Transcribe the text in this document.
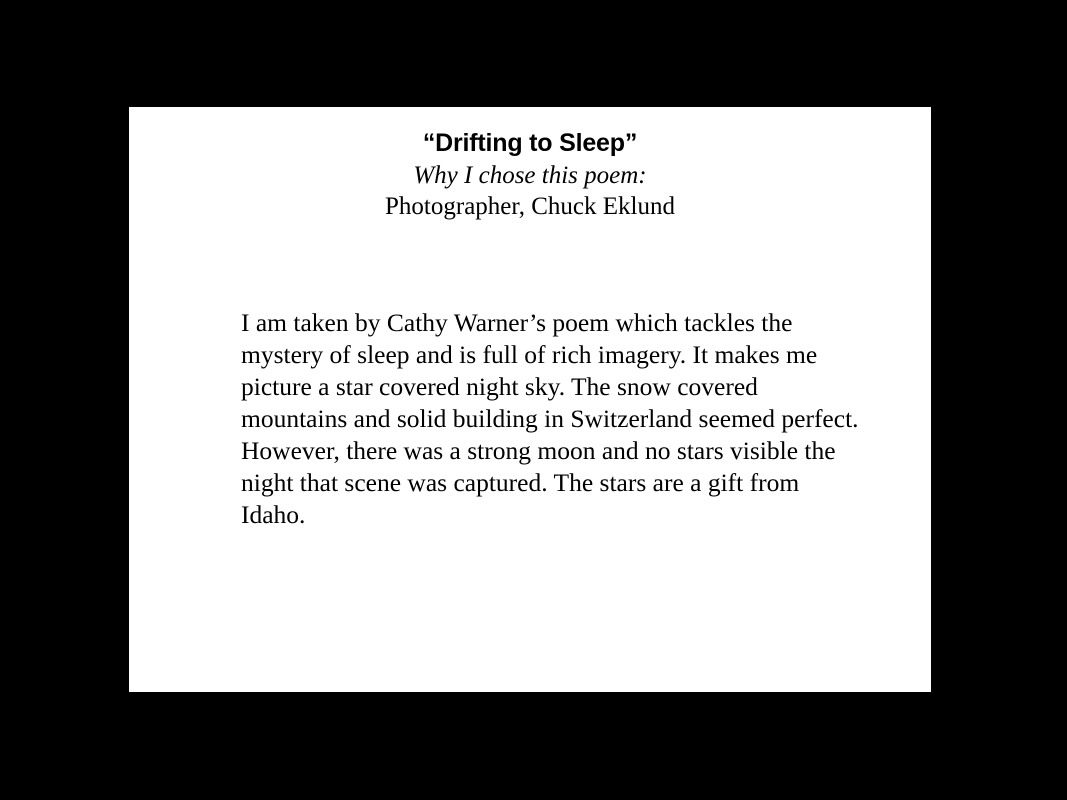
“Drifting to Sleep”

Why I chose this poem:

Photographer, Chuck Eklund

I am taken by Cathy Warner’s poem which tackles the mystery of sleep and is full of rich imagery. It makes me picture a star covered night sky. The snow covered mountains and solid building in Switzerland seemed perfect. However, there was a strong moon and no stars visible the night that scene was captured. The stars are a gift from Idaho.
